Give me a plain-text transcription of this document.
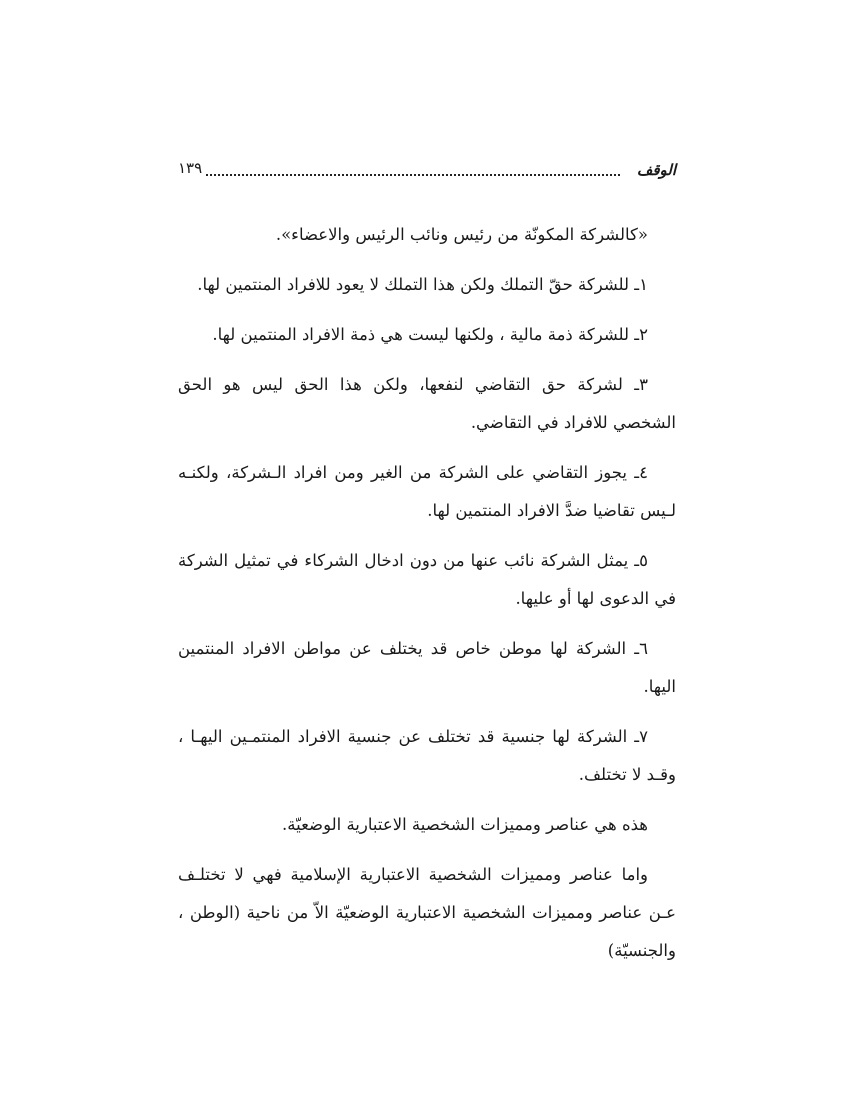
الوقف
١٣٩

«كالشركة المكونّة من رئيس ونائب الرئيس والاعضاء».

١ـ للشركة حقّ التملك ولكن هذا التملك لا يعود للافراد المنتمين لها.

٢ـ للشركة ذمة مالية ، ولكنها ليست هي ذمة الافراد المنتمين لها.

٣ـ لشركة حق التقاضي لنفعها، ولكن هذا الحق ليس هو الحق الشخصي للافراد في التقاضي.

٤ـ يجوز التقاضي على الشركة من الغير ومن افراد الـشركة، ولكنـه لـيس تقاضيا ضدَّ الافراد المنتمين لها.

٥ـ يمثل الشركة نائب عنها من دون ادخال الشركاء في تمثيل الشركة في الدعوى لها أو عليها.

٦ـ الشركة لها موطن خاص قد يختلف عن مواطن الافراد المنتمين اليها.

٧ـ الشركة لها جنسية قد تختلف عن جنسية الافراد المنتمـين اليهـا ، وقـد لا تختلف.

هذه هي عناصر ومميزات الشخصية الاعتبارية الوضعيّة.

واما عناصر ومميزات الشخصية الاعتبارية الإسلامية فهي لا تختلـف عـن عناصر ومميزات الشخصية الاعتبارية الوضعيّة الاّ من ناحية (الوطن ، والجنسيّة)
